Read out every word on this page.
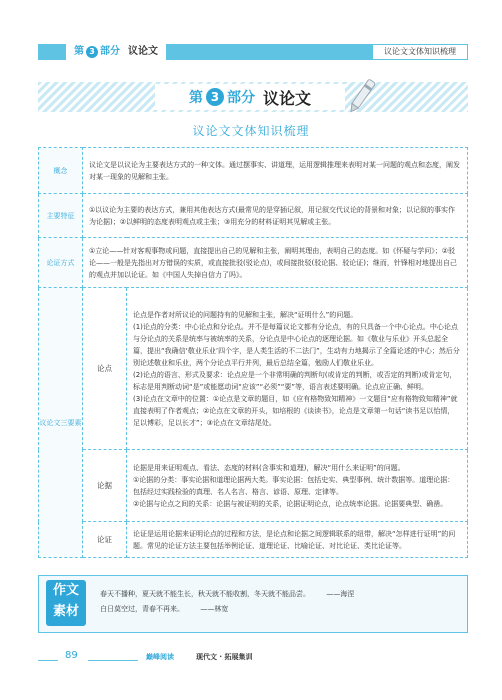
第 3 部分 议论文	议论文文体知识梳理
第 3 部分 议论文
议论文文体知识梳理
概念	议论文是以议论为主要表达方式的一种文体。通过摆事实、讲道理，运用逻辑推理来表明对某一问题的观点和态度，阐发对某一现象的见解和主张。	
主要特征	①以议论为主要的表达方式，兼用其他表达方式(最常见的是穿插记叙，用记叙交代议论的背景和对象；以记叙的事实作为论据)；②以鲜明的态度表明观点或主张；③用充分的材料证明其见解或主张。	
论证方式	①立论——针对客观事物或问题，直接提出自己的见解和主张，阐明其理由，表明自己的态度。如《怀疑与学问》；②驳论——一般是先指出对方错误的实质，或直接批驳(驳论点)，或间接批驳(驳论据、驳论证)；继而，针锋相对地提出自己的观点并加以论证。如《中国人失掉自信力了吗》。	
议论文三要素	论点	论点是作者对所议论的问题持有的见解和主张，解决“证明什么”的问题。
(1)论点的分类：中心论点和分论点。并不是每篇议论文都有分论点，有的只具备一个中心论点。中心论点与分论点的关系是统率与被统率的关系，分论点是中心论点的逐理论据。如《敬业与乐业》开头总起全篇，提出“我确信‘敬业乐业’四个字，是人类生活的不二法门”，生动有力地揭示了全篇论述的中心；然后分别论述敬业和乐业，两个分论点平行并列，最后总结全篇，勉励人们敬业乐业。
(2)论点的语言、形式及要求：论点应是一个非常明确的判断句(或肯定的判断，或否定的判断)或肯定句，标志是用判断动词“是”或能愿动词“应该”“必须”“要”等，语言表述要明确。论点应正确、鲜明。
(3)论点在文章中的位置：①论点是文章的题目，如《应有格物致知精神》一文题目“应有格物致知精神”就直接表明了作者观点；②论点在文章的开头，如培根的《谈读书》，论点是文章第一句话“读书足以怡情，足以博彩，足以长才”；③论点在文章结尾处。

	论据	论据是用来证明观点、看法、态度的材料(含事实和道理)，解决“用什么来证明”的问题。
①论据的分类：事实论据和道理论据两大类。事实论据：包括史实、典型事例、统计数据等。道理论据：包括经过实践检验的真理、名人名言、格言、谚语、原理、定律等。
②论据与论点之间的关系：论据与被证明的关系，论据证明论点，论点统率论据。论据要典型、确凿。

	论证	论证是运用论据来证明论点的过程和方法，是论点和论据之间逻辑联系的纽带，解决“怎样进行证明”的问题。常见的论证方法主要包括举例论证、道理论证、比喻论证、对比论证、类比论证等。
作文
素材
春天不播种，夏天就不能生长，秋天就不能收割，冬天就不能品尝。 ——海涅
白日莫空过，青春不再来。 ——林宽
89	巅峰阅读	现代文 · 拓展集训
